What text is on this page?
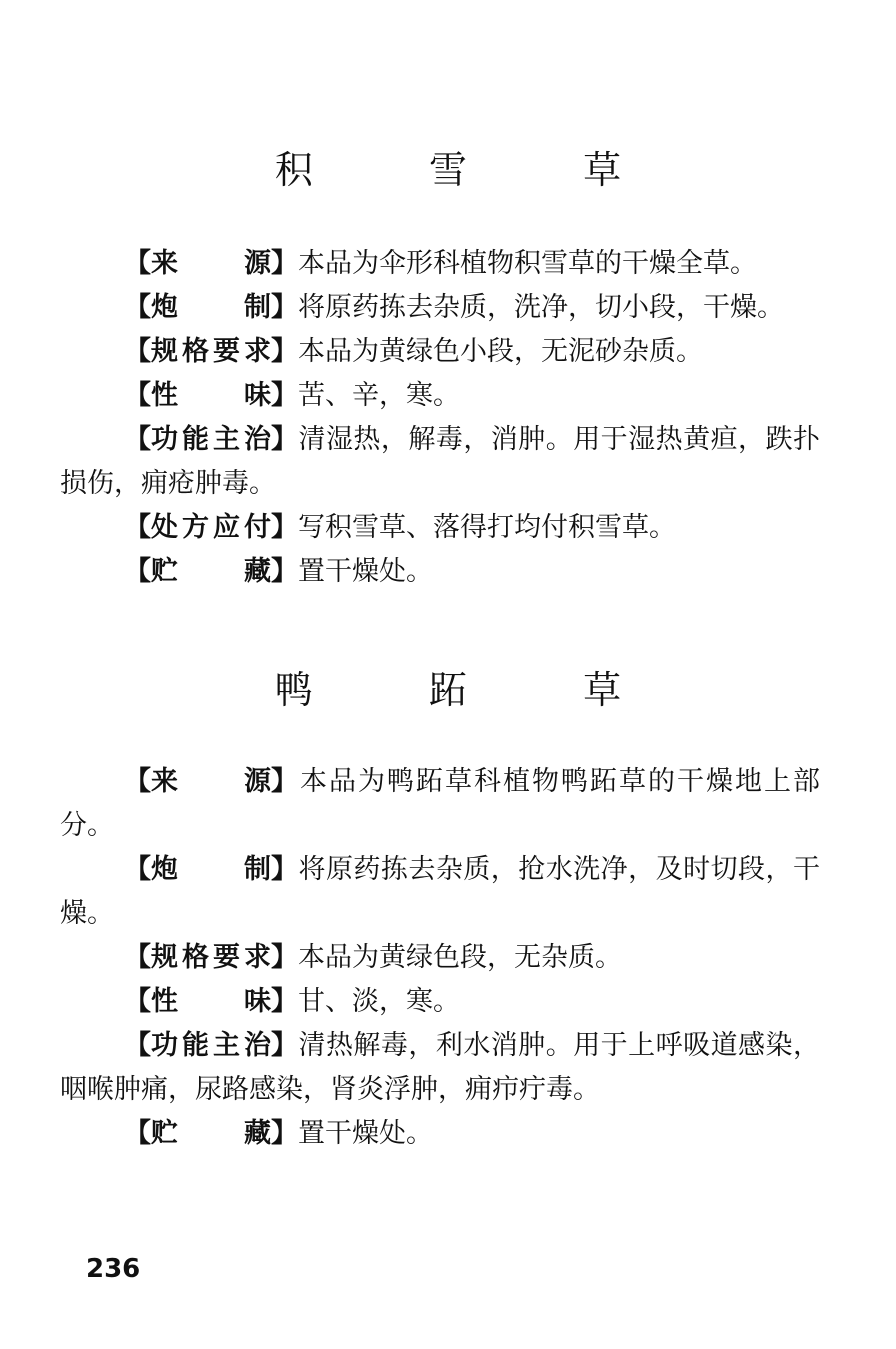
积 雪 草

【来 源】本品为伞形科植物积雪草的干燥全草。

【炮 制】将原药拣去杂质，洗净，切小段，干燥。

【规格要求】本品为黄绿色小段，无泥砂杂质。

【性 味】苦、辛，寒。

【功能主治】清湿热，解毒，消肿。用于湿热黄疸，跌扑损伤，痈疮肿毒。

【处方应付】写积雪草、落得打均付积雪草。

【贮 藏】置干燥处。

鸭 跖 草

【来 源】本品为鸭跖草科植物鸭跖草的干燥地上部分。

【炮 制】将原药拣去杂质，抢水洗净，及时切段，干燥。

【规格要求】本品为黄绿色段，无杂质。

【性 味】甘、淡，寒。

【功能主治】清热解毒，利水消肿。用于上呼吸道感染，咽喉肿痛，尿路感染，肾炎浮肿，痈疖疔毒。

【贮 藏】置干燥处。

236
